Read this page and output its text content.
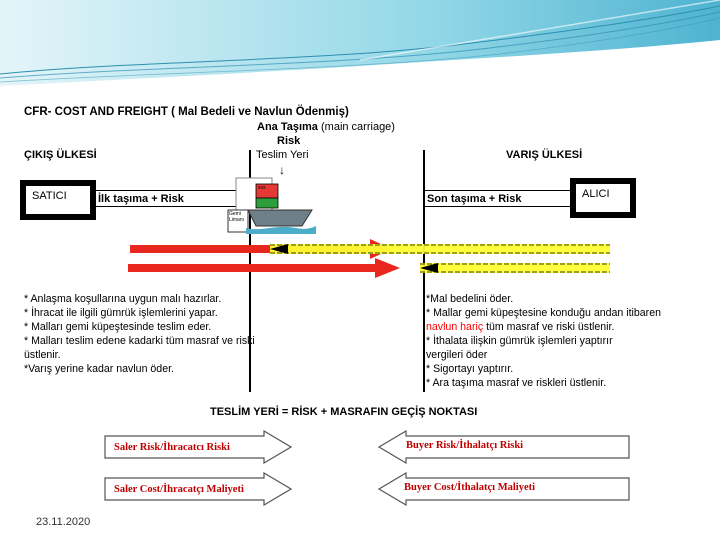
CFR- COST AND FREIGHT ( Mal Bedeli ve Navlun Ödenmiş)
Ana Taşıma (main carriage)
Risk
Teslim Yeri
↓
ÇIKIŞ ÜLKESİ	VARIŞ ÜLKESİ
SATICI	ALICI
İlk taşıma + Risk	Son taşıma + Risk
xxx
Gemi Limanı
* Anlaşma koşullarına uygun malı hazırlar.
* İhracat ile ilgili gümrük işlemlerini yapar.
* Malları gemi küpeştesinde teslim eder.
* Malları teslim edene kadarki tüm masraf ve riski
üstlenir.
*Varış yerine kadar navlun öder.
*Mal bedelini öder.
* Mallar gemi küpeştesine konduğu andan itibaren
navlun hariç tüm masraf ve riski üstlenir.
* İthalata ilişkin gümrük işlemleri yaptırır
vergileri öder
* Sigortayı yaptırır.
* Ara taşıma masraf ve riskleri üstlenir.
TESLİM YERİ = RİSK + MASRAFIN GEÇİŞ NOKTASI
Saler Risk/İhracatcı Riski	Buyer Risk/İthalatçı Riski
Saler Cost/İhracatçı Maliyeti	Buyer Cost/İthalatçı Maliyeti
23.11.2020
